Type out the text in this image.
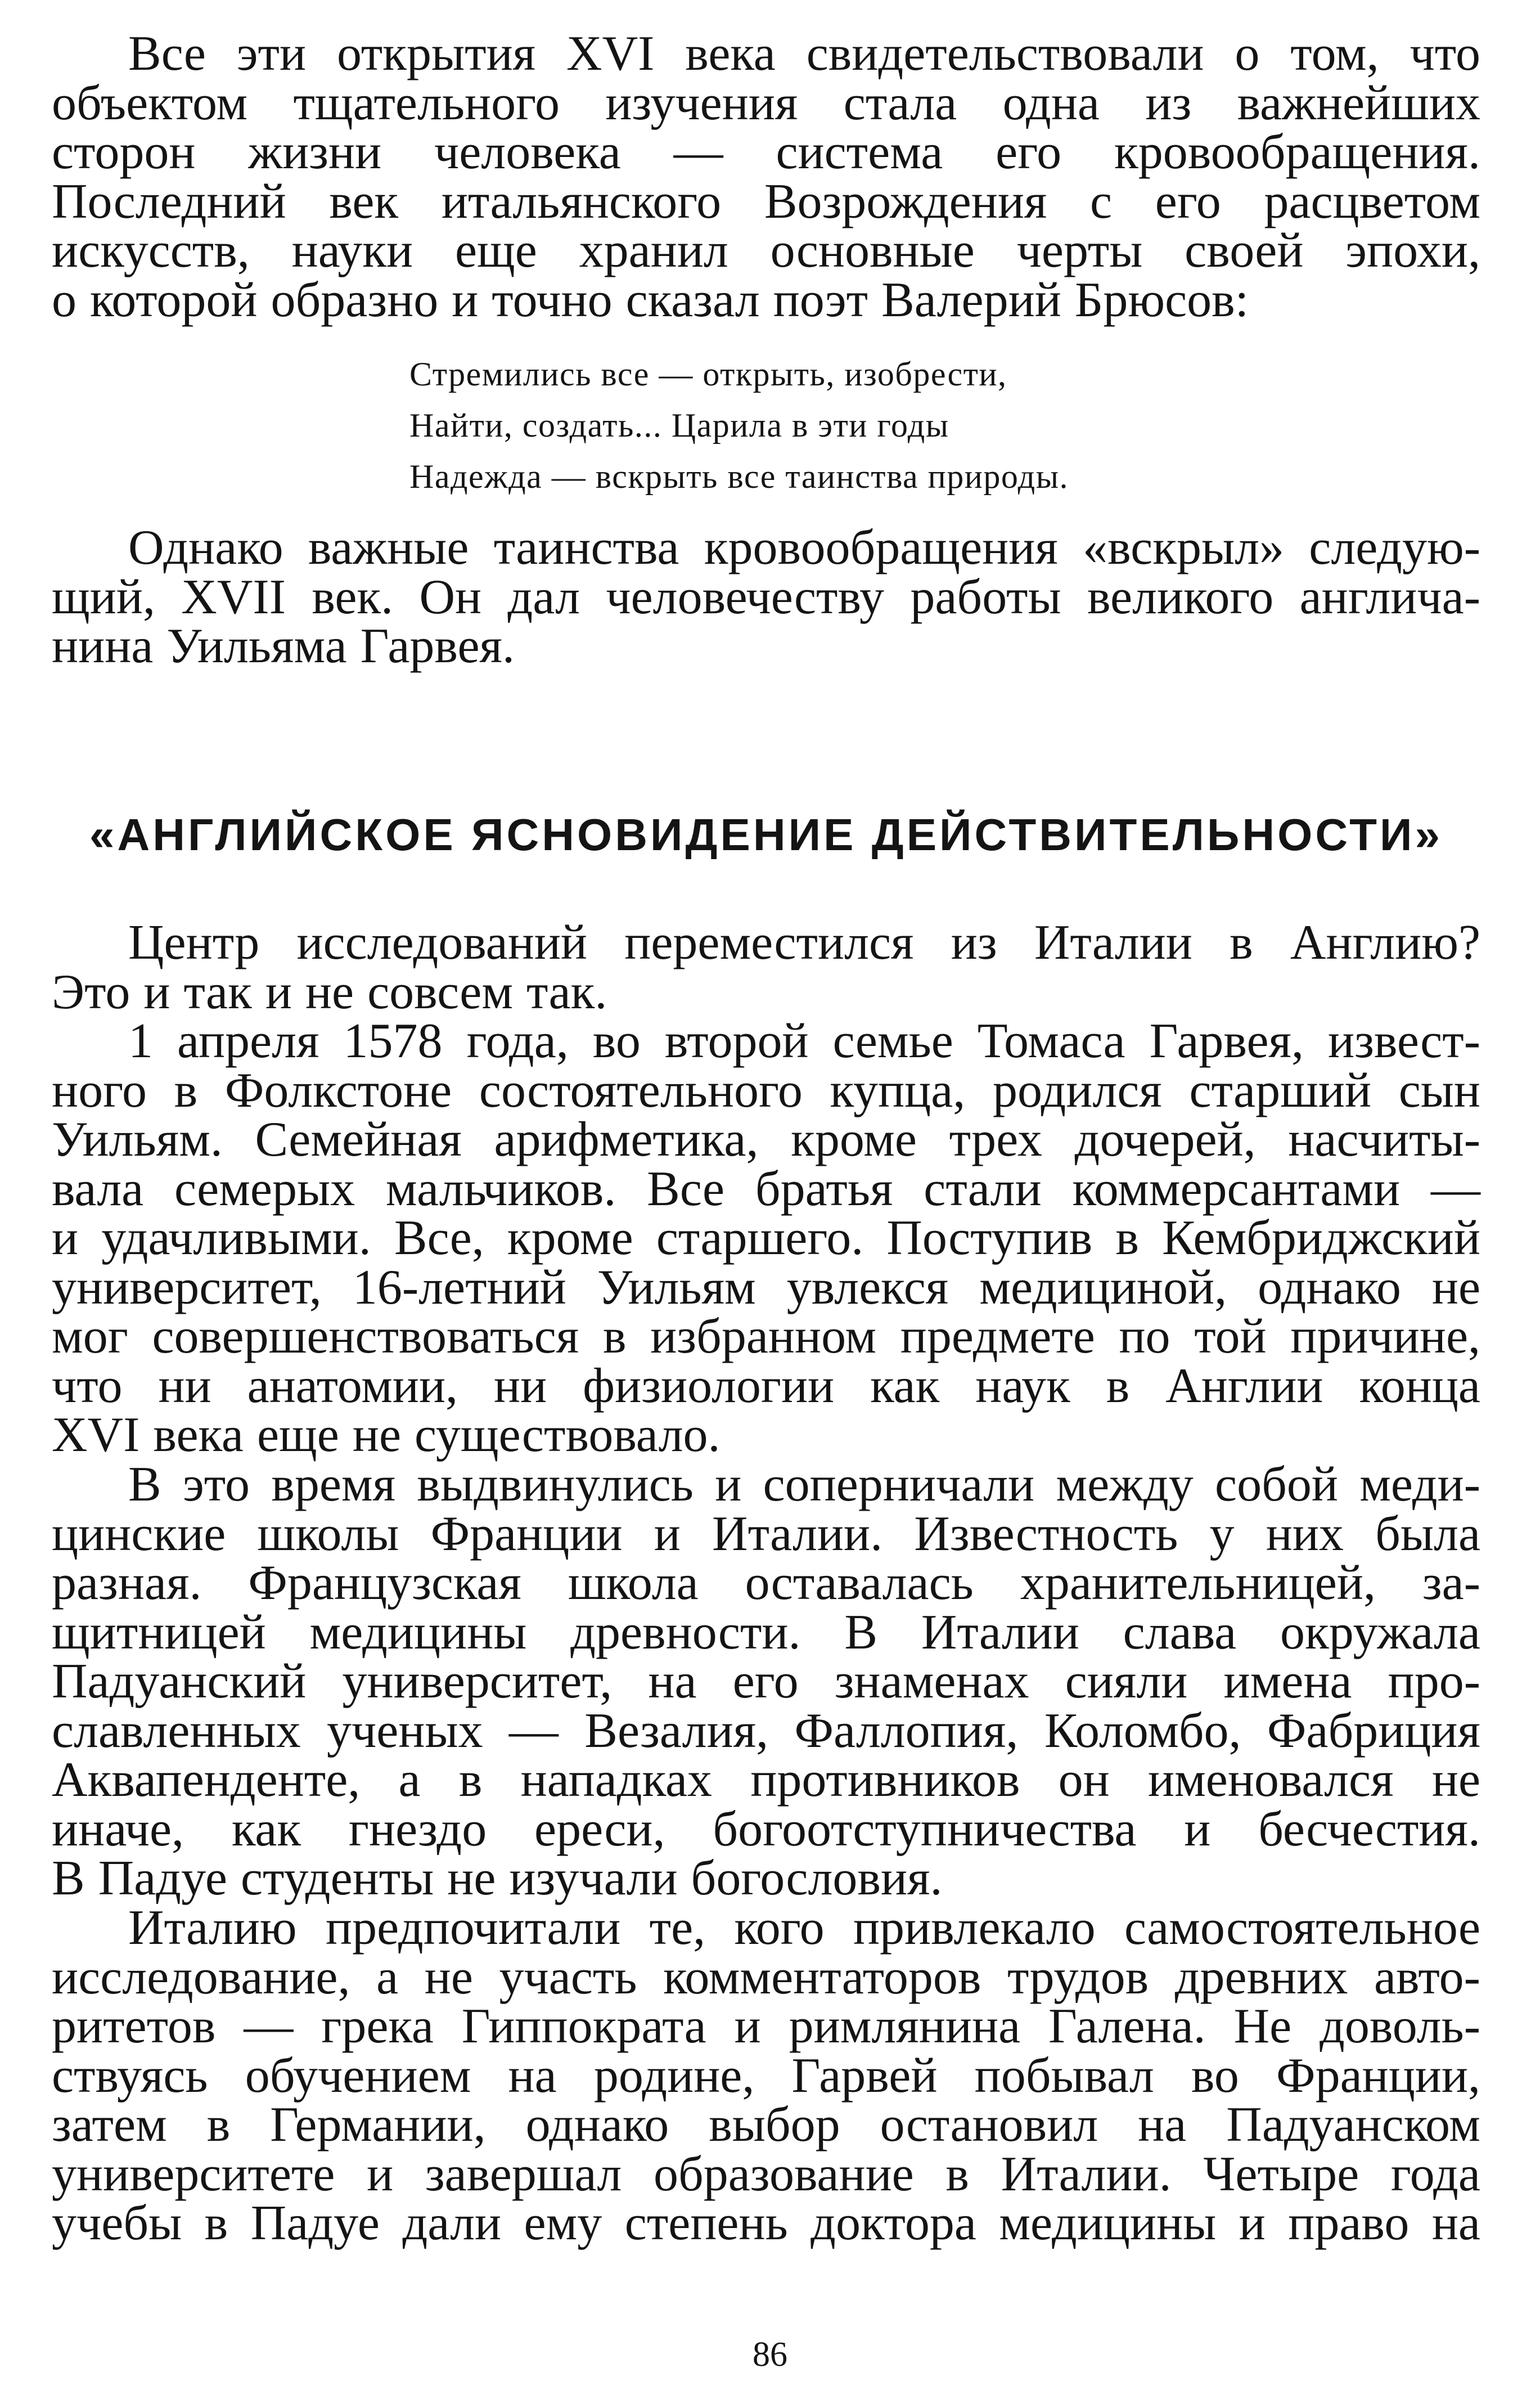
Все эти открытия XVI века свидетельствовали о том, что
объектом тщательного изучения стала одна из важнейших
сторон жизни человека — система его кровообращения.
Последний век итальянского Возрождения с его расцветом
искусств, науки еще хранил основные черты своей эпохи,
о которой образно и точно сказал поэт Валерий Брюсов:

Стремились все — открыть, изобрести,
Найти, создать... Царила в эти годы
Надежда — вскрыть все таинства природы.

Однако важные таинства кровообращения «вскрыл» следую-
щий, XVII век. Он дал человечеству работы великого англича-
нина Уильяма Гарвея.

«АНГЛИЙСКОЕ ЯСНОВИДЕНИЕ ДЕЙСТВИТЕЛЬНОСТИ»

Центр исследований переместился из Италии в Англию?
Это и так и не совсем так.

1 апреля 1578 года, во второй семье Томаса Гарвея, извест-
ного в Фолкстоне состоятельного купца, родился старший сын
Уильям. Семейная арифметика, кроме трех дочерей, насчиты-
вала семерых мальчиков. Все братья стали коммерсантами —
и удачливыми. Все, кроме старшего. Поступив в Кембриджский
университет, 16-летний Уильям увлекся медициной, однако не
мог совершенствоваться в избранном предмете по той причине,
что ни анатомии, ни физиологии как наук в Англии конца
XVI века еще не существовало.

В это время выдвинулись и соперничали между собой меди-
цинские школы Франции и Италии. Известность у них была
разная. Французская школа оставалась хранительницей, за-
щитницей медицины древности. В Италии слава окружала
Падуанский университет, на его знаменах сияли имена про-
славленных ученых — Везалия, Фаллопия, Коломбо, Фабриция
Аквапенденте, а в нападках противников он именовался не
иначе, как гнездо ереси, богоотступничества и бесчестия.
В Падуе студенты не изучали богословия.

Италию предпочитали те, кого привлекало самостоятельное
исследование, а не участь комментаторов трудов древних авто-
ритетов — грека Гиппократа и римлянина Галена. Не доволь-
ствуясь обучением на родине, Гарвей побывал во Франции,
затем в Германии, однако выбор остановил на Падуанском
университете и завершал образование в Италии. Четыре года
учебы в Падуе дали ему степень доктора медицины и право на

86
